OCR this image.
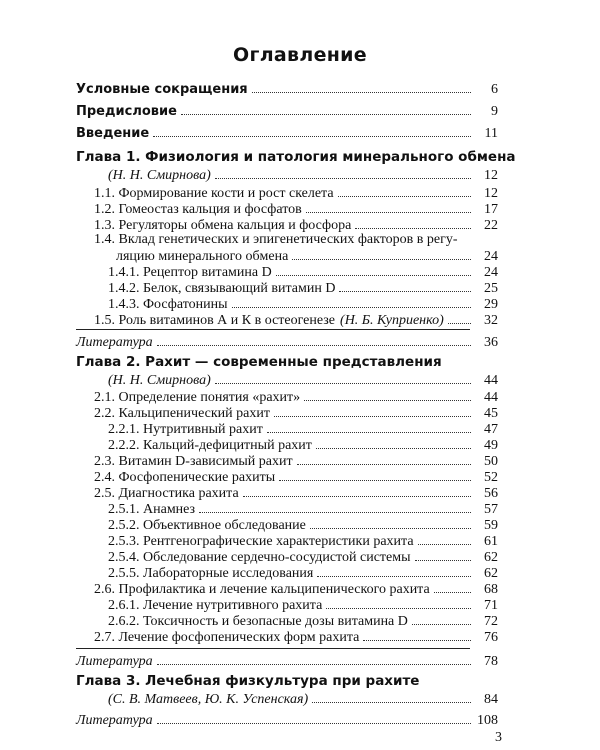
Оглавление
Условные сокращения	6
Предисловие	9
Введение	11
Глава 1. Физиология и патология минерального обмена
(Н. Н. Смирнова)	12
1.1. Формирование кости и рост скелета	12
1.2. Гомеостаз кальция и фосфатов	17
1.3. Регуляторы обмена кальция и фосфора	22
1.4. Вклад генетических и эпигенетических факторов в регу-
ляцию минерального обмена	24
1.4.1. Рецептор витамина D	24
1.4.2. Белок, связывающий витамин D	25
1.4.3. Фосфатонины	29
1.5. Роль витаминов А и К в остеогенезе (Н. Б. Куприенко)	32
Литература	36
Глава 2. Рахит — современные представления
(Н. Н. Смирнова)	44
2.1. Определение понятия «рахит»	44
2.2. Кальципенический рахит	45
2.2.1. Нутритивный рахит	47
2.2.2. Кальций-дефицитный рахит	49
2.3. Витамин D-зависимый рахит	50
2.4. Фосфопенические рахиты	52
2.5. Диагностика рахита	56
2.5.1. Анамнез	57
2.5.2. Объективное обследование	59
2.5.3. Рентгенографические характеристики рахита	61
2.5.4. Обследование сердечно-сосудистой системы	62
2.5.5. Лабораторные исследования	62
2.6. Профилактика и лечение кальципенического рахита	68
2.6.1. Лечение нутритивного рахита	71
2.6.2. Токсичность и безопасные дозы витамина D	72
2.7. Лечение фосфопенических форм рахита	76
Литература	78
Глава 3. Лечебная физкультура при рахите
(С. В. Матвеев, Ю. К. Успенская)	84
Литература	108
3
